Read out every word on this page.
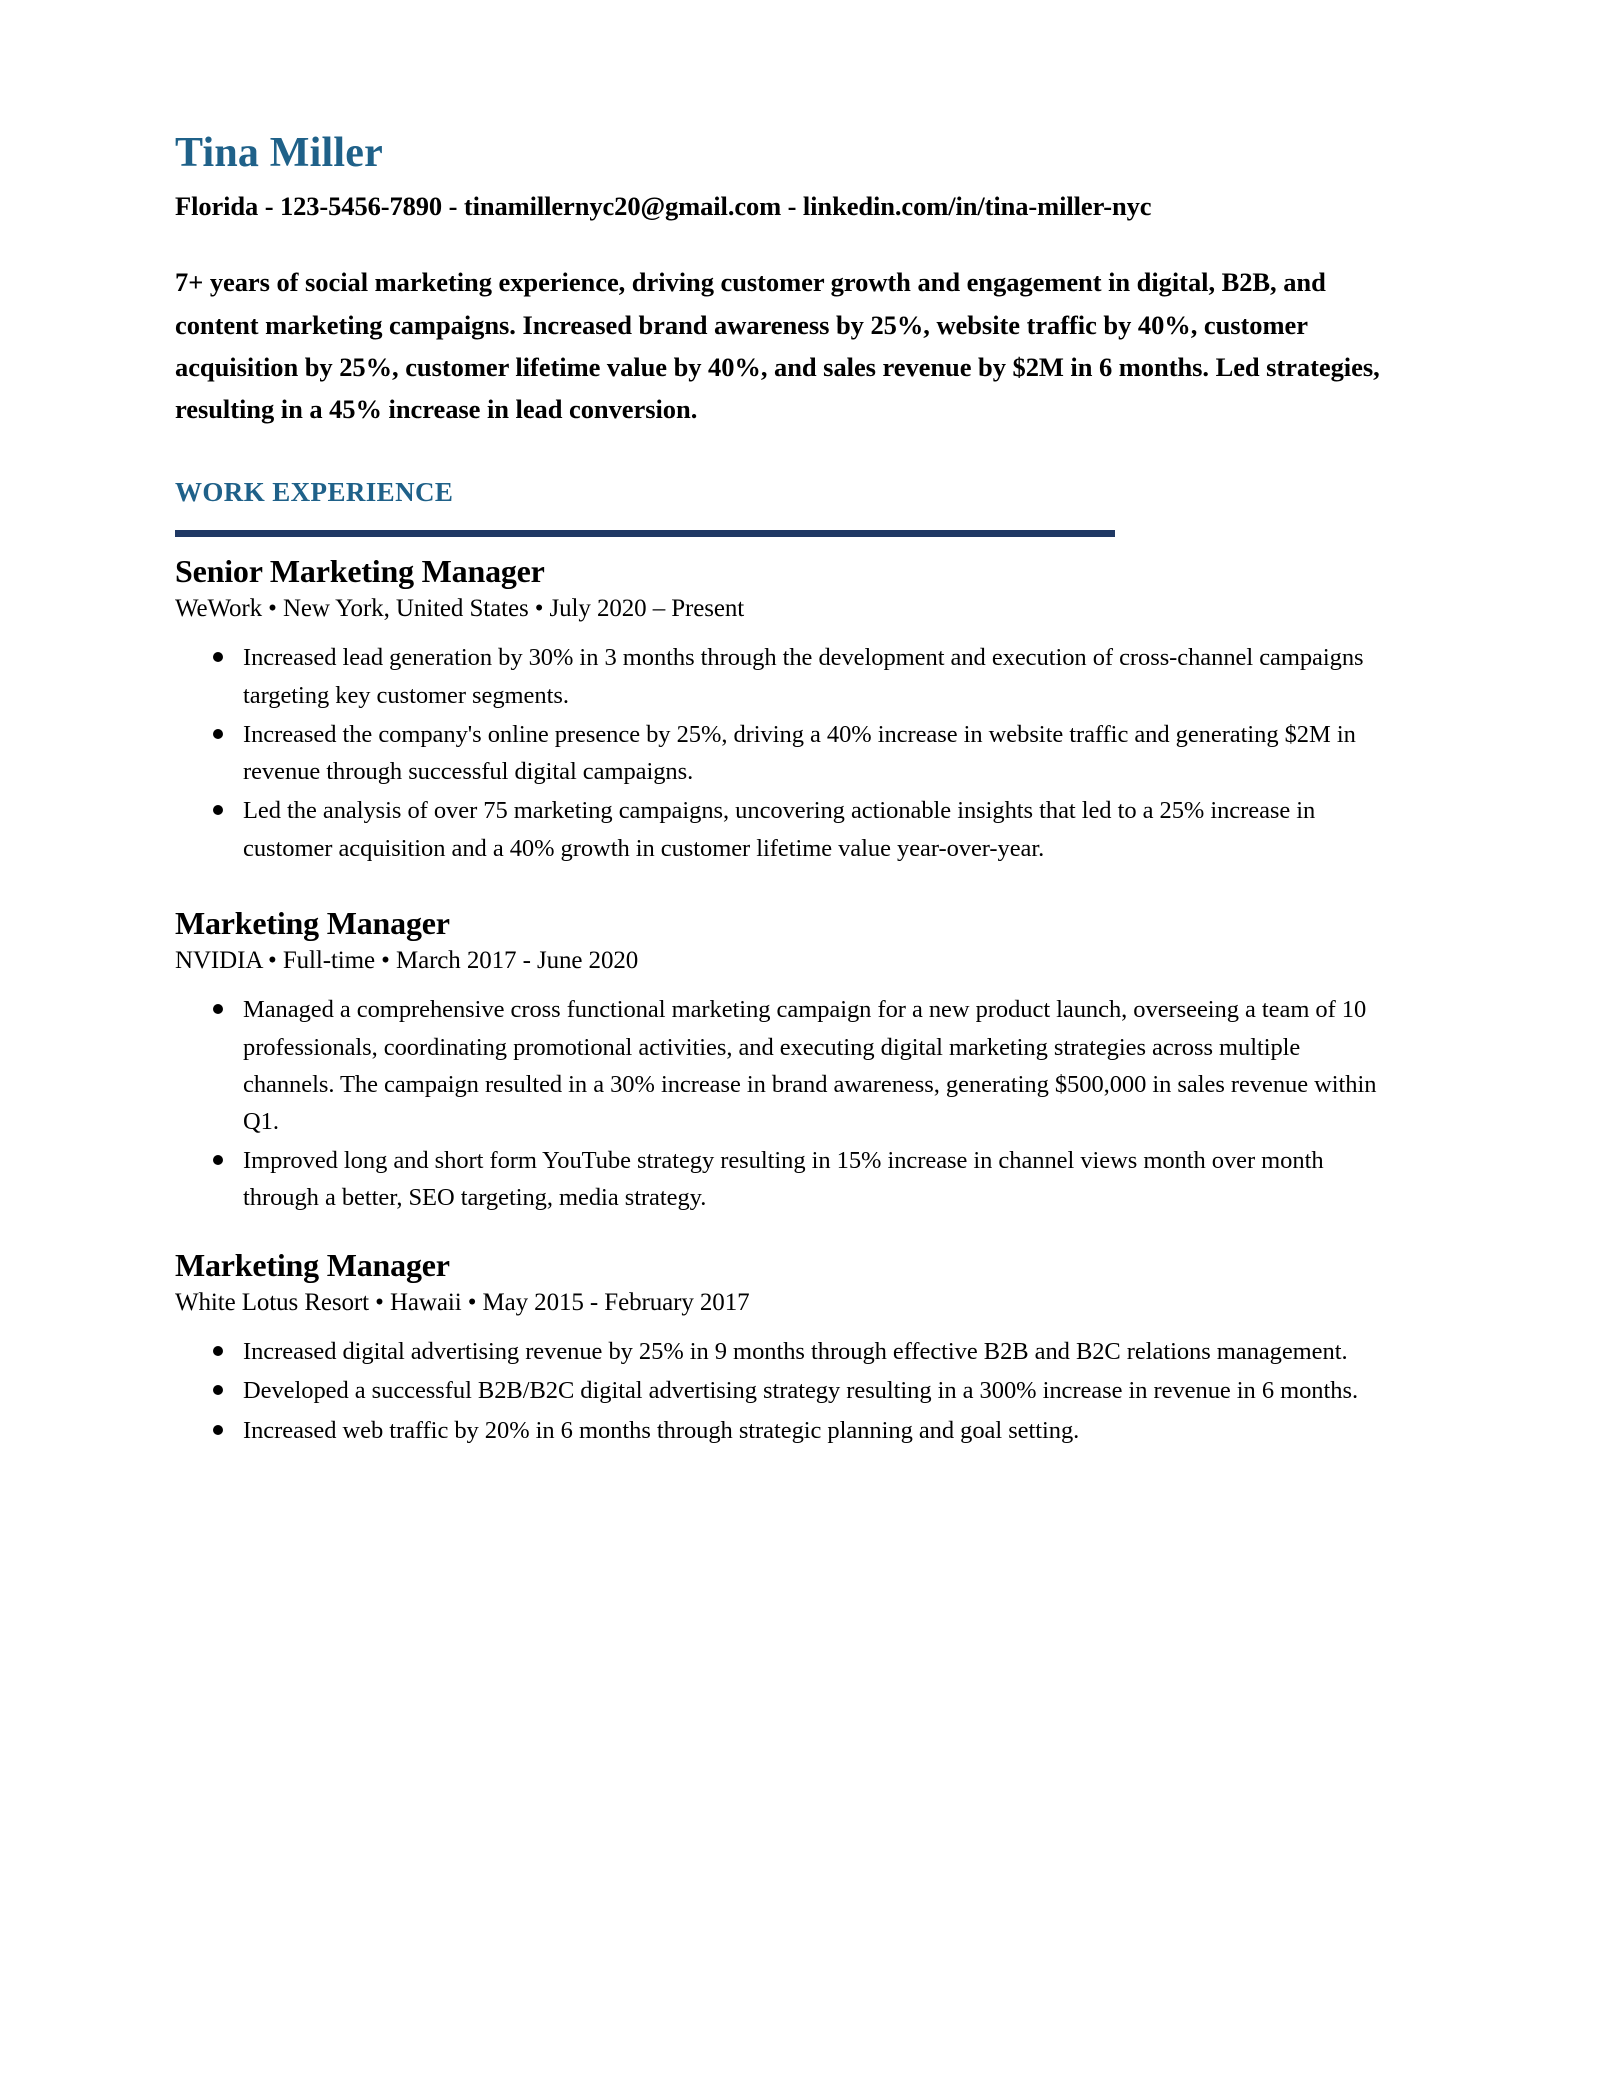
Tina Miller
Florida - 123-5456-7890 - tinamillernyc20@gmail.com - linkedin.com/in/tina-miller-nyc
7+ years of social marketing experience, driving customer growth and engagement in digital, B2B, and content marketing campaigns. Increased brand awareness by 25%, website traffic by 40%, customer acquisition by 25%, customer lifetime value by 40%, and sales revenue by $2M in 6 months. Led strategies, resulting in a 45% increase in lead conversion.
WORK EXPERIENCE
Senior Marketing Manager
WeWork • New York, United States • July 2020 – Present
Increased lead generation by 30% in 3 months through the development and execution of cross-channel campaigns targeting key customer segments.
Increased the company's online presence by 25%, driving a 40% increase in website traffic and generating $2M in revenue through successful digital campaigns.
Led the analysis of over 75 marketing campaigns, uncovering actionable insights that led to a 25% increase in customer acquisition and a 40% growth in customer lifetime value year-over-year.
Marketing Manager
NVIDIA • Full-time • March 2017 - June 2020
Managed a comprehensive cross functional marketing campaign for a new product launch, overseeing a team of 10 professionals, coordinating promotional activities, and executing digital marketing strategies across multiple channels. The campaign resulted in a 30% increase in brand awareness, generating $500,000 in sales revenue within Q1.
Improved long and short form YouTube strategy resulting in 15% increase in channel views month over month through a better, SEO targeting, media strategy.
Marketing Manager
White Lotus Resort • Hawaii • May 2015 - February 2017
Increased digital advertising revenue by 25% in 9 months through effective B2B and B2C relations management.
Developed a successful B2B/B2C digital advertising strategy resulting in a 300% increase in revenue in 6 months.
Increased web traffic by 20% in 6 months through strategic planning and goal setting.
